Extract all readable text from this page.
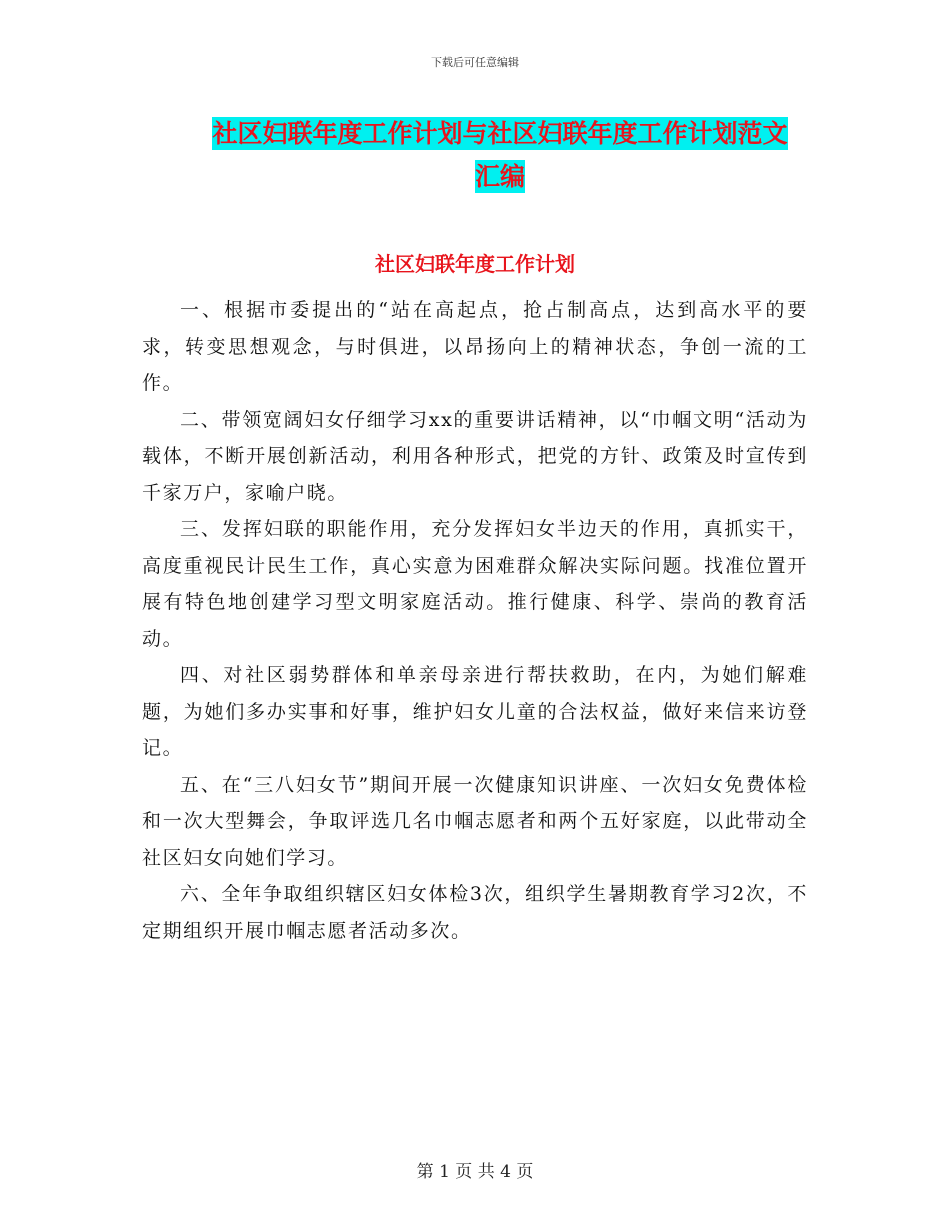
下载后可任意编辑
社区妇联年度工作计划与社区妇联年度工作计划范文
汇编
社区妇联年度工作计划

一、根据市委提出的“站在高起点，抢占制高点，达到高水平的要求，转变思想观念，与时俱进，以昂扬向上的精神状态，争创一流的工作。

二、带领宽阔妇女仔细学习xx的重要讲话精神，以“巾帼文明“活动为载体，不断开展创新活动，利用各种形式，把党的方针、政策及时宣传到千家万户，家喻户晓。

三、发挥妇联的职能作用，充分发挥妇女半边天的作用，真抓实干，高度重视民计民生工作，真心实意为困难群众解决实际问题。找准位置开展有特色地创建学习型文明家庭活动。推行健康、科学、崇尚的教育活动。

四、对社区弱势群体和单亲母亲进行帮扶救助，在内，为她们解难题，为她们多办实事和好事，维护妇女儿童的合法权益，做好来信来访登记。

五、在“三八妇女节”期间开展一次健康知识讲座、一次妇女免费体检和一次大型舞会，争取评选几名巾帼志愿者和两个五好家庭，以此带动全社区妇女向她们学习。

六、全年争取组织辖区妇女体检3次，组织学生暑期教育学习2次，不定期组织开展巾帼志愿者活动多次。

第 1 页 共 4 页
